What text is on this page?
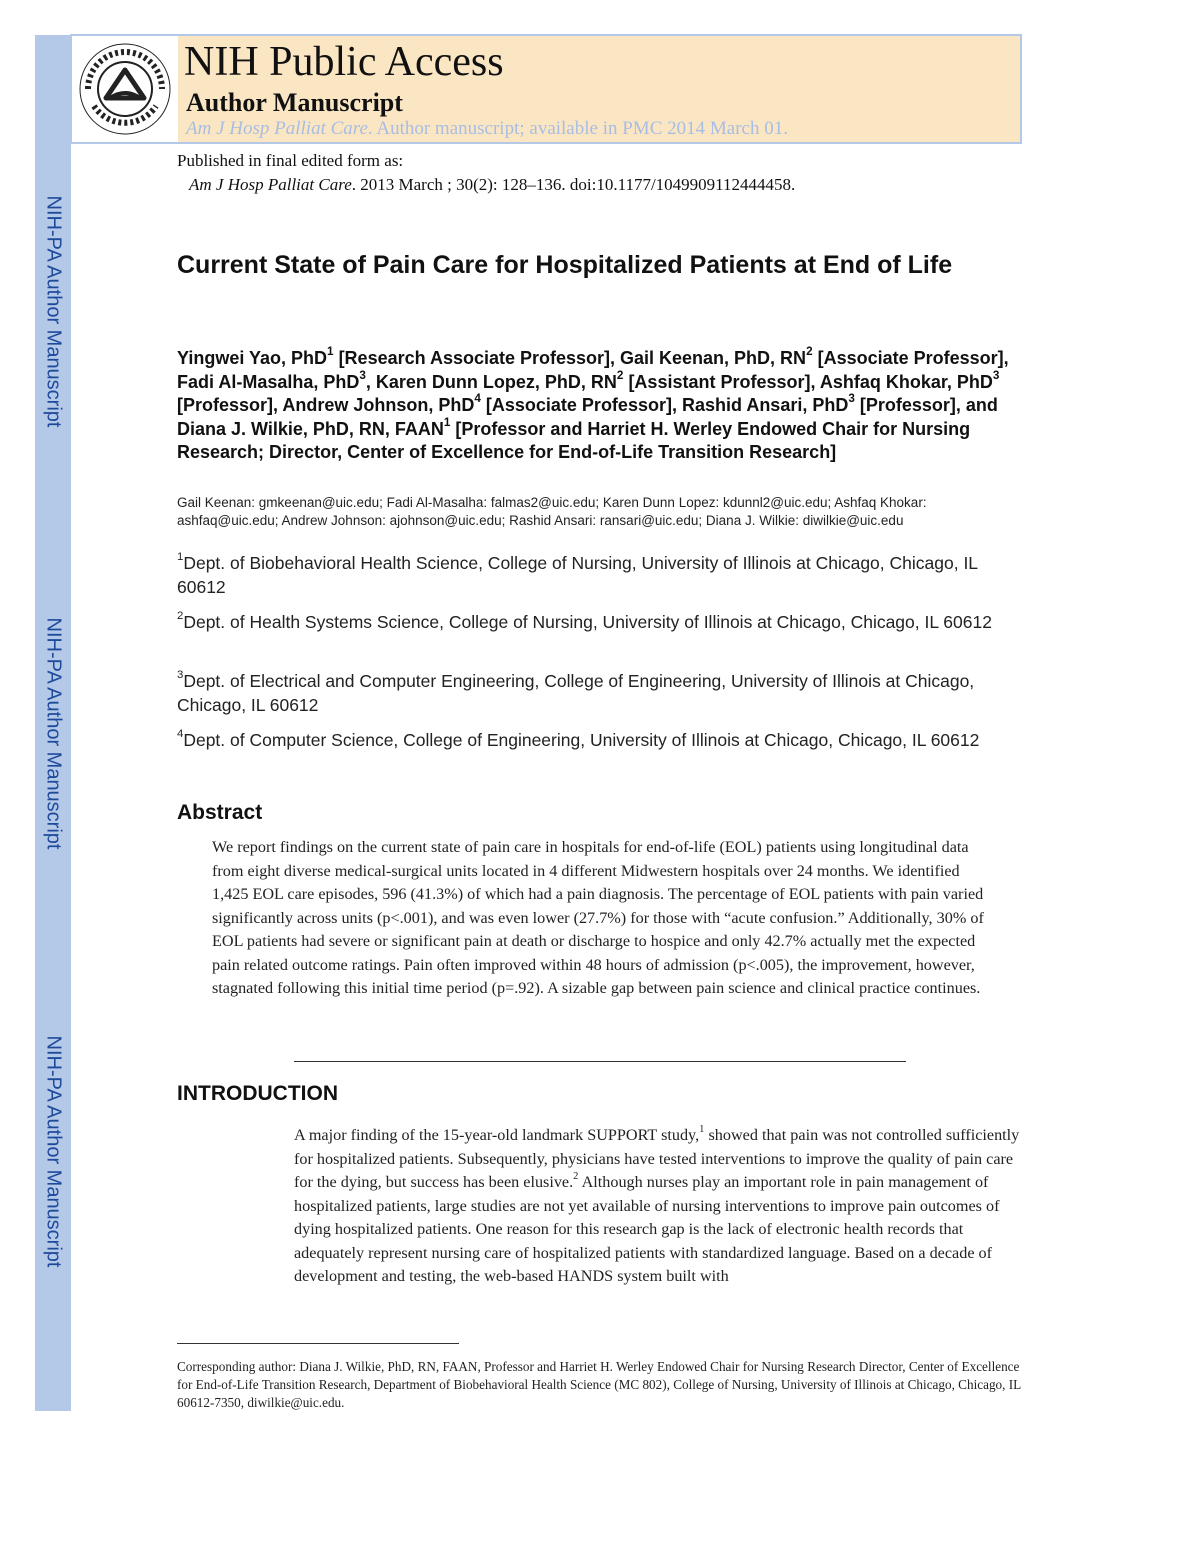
NIH-PA Author Manuscript
NIH-PA Author Manuscript
NIH-PA Author Manuscript
NIH Public Access
Author Manuscript
Am J Hosp Palliat Care. Author manuscript; available in PMC 2014 March 01.
Published in final edited form as:
Am J Hosp Palliat Care. 2013 March ; 30(2): 128–136. doi:10.1177/1049909112444458.
Current State of Pain Care for Hospitalized Patients at End of Life
Yingwei Yao, PhD$^1$ [Research Associate Professor], Gail Keenan, PhD, $RN^2$ [Associate Professor], Fadi Al-Masalha, PhD$^3$, Karen Dunn Lopez, PhD, $RN^2$ [Assistant Professor], Ashfaq Khokar, PhD$^3$ [Professor], Andrew Johnson, PhD$^4$ [Associate Professor], Rashid Ansari, PhD$^3$ [Professor], and Diana J. Wilkie, PhD, RN, FAAN$^1$ [Professor and Harriet H. Werley Endowed Chair for Nursing Research; Director, Center of Excellence for End-of-Life Transition Research]
Gail Keenan: gmkeenan@uic.edu; Fadi Al-Masalha: falmas2@uic.edu; Karen Dunn Lopez: kdunnl2@uic.edu; Ashfaq Khokar: ashfaq@uic.edu; Andrew Johnson: ajohnson@uic.edu; Rashid Ansari: ransari@uic.edu; Diana J. Wilkie: diwilkie@uic.edu
$^1$Dept. of Biobehavioral Health Science, College of Nursing, University of Illinois at Chicago, Chicago, IL 60612
$^2$Dept. of Health Systems Science, College of Nursing, University of Illinois at Chicago, Chicago, IL 60612
$^3$Dept. of Electrical and Computer Engineering, College of Engineering, University of Illinois at Chicago, Chicago, IL 60612
$^4$Dept. of Computer Science, College of Engineering, University of Illinois at Chicago, Chicago, IL 60612
Abstract
We report findings on the current state of pain care in hospitals for end-of-life (EOL) patients using longitudinal data from eight diverse medical-surgical units located in 4 different Midwestern hospitals over 24 months. We identified 1,425 EOL care episodes, 596 (41.3%) of which had a pain diagnosis. The percentage of EOL patients with pain varied significantly across units (p<.001), and was even lower (27.7%) for those with “acute confusion.” Additionally, 30% of EOL patients had severe or significant pain at death or discharge to hospice and only 42.7% actually met the expected pain related outcome ratings. Pain often improved within 48 hours of admission (p<.005), the improvement, however, stagnated following this initial time period (p=.92). A sizable gap between pain science and clinical practice continues.
INTRODUCTION
A major finding of the 15-year-old landmark SUPPORT study,$^1$ showed that pain was not controlled sufficiently for hospitalized patients. Subsequently, physicians have tested interventions to improve the quality of pain care for the dying, but success has been elusive.$^2$ Although nurses play an important role in pain management of hospitalized patients, large studies are not yet available of nursing interventions to improve pain outcomes of dying hospitalized patients. One reason for this research gap is the lack of electronic health records that adequately represent nursing care of hospitalized patients with standardized language. Based on a decade of development and testing, the web-based HANDS system built with
Corresponding author: Diana J. Wilkie, PhD, RN, FAAN, Professor and Harriet H. Werley Endowed Chair for Nursing Research Director, Center of Excellence for End-of-Life Transition Research, Department of Biobehavioral Health Science (MC 802), College of Nursing, University of Illinois at Chicago, Chicago, IL 60612-7350, diwilkie@uic.edu.
